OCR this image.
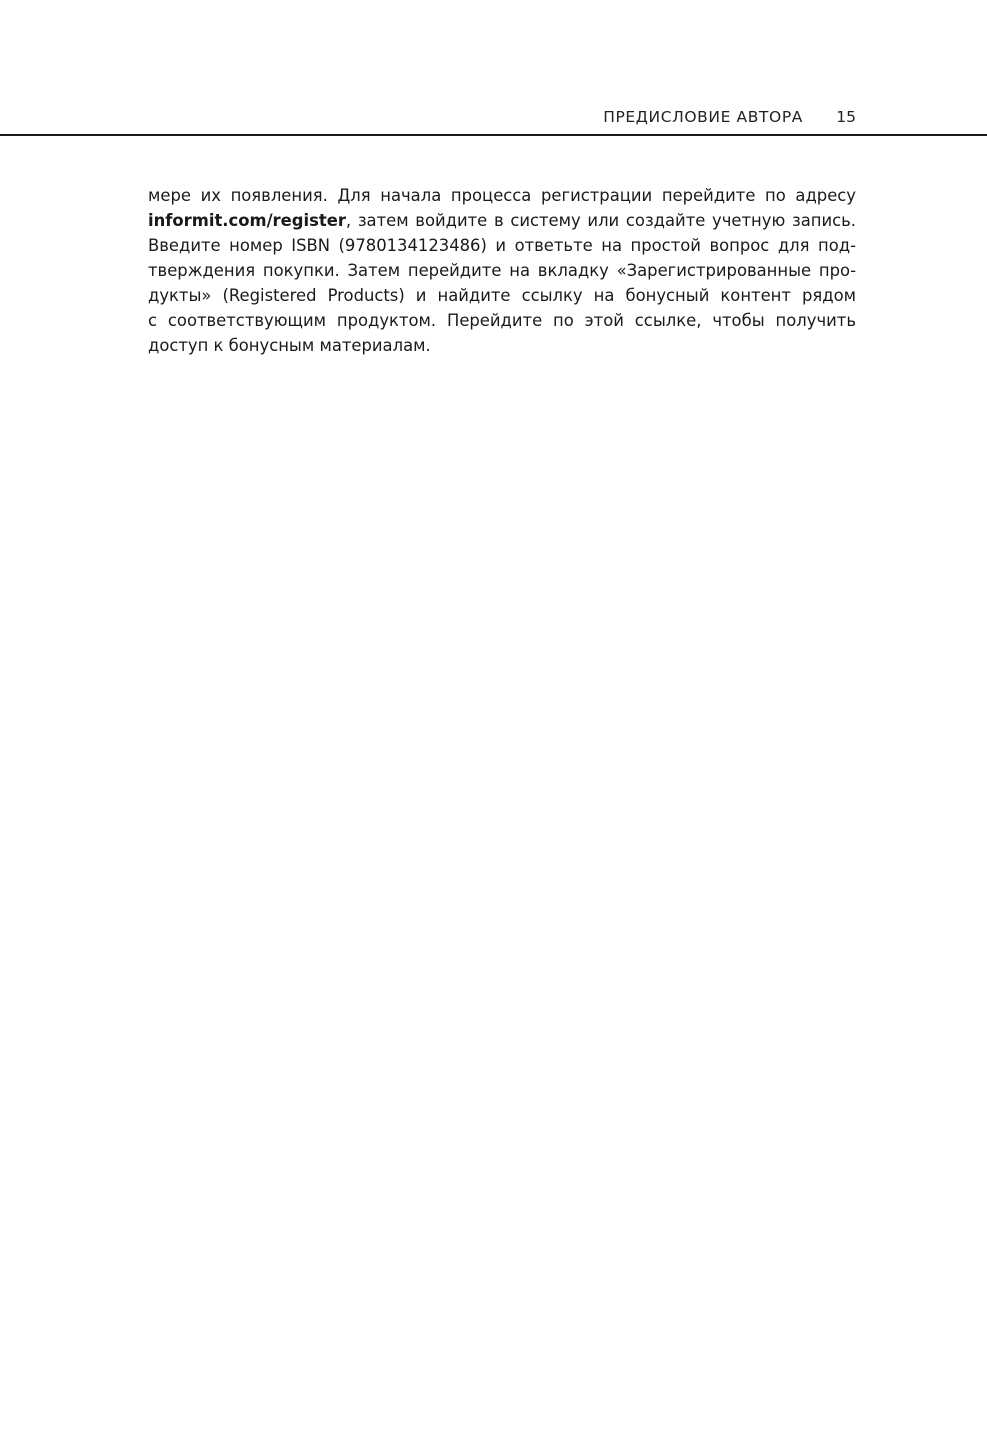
ПРЕДИСЛОВИЕ АВТОРА 15
мере их появления. Для начала процесса регистрации перейдите по адресу
informit.com/register, затем войдите в систему или создайте учетную запись.
Введите номер ISBN (9780134123486) и ответьте на простой вопрос для под-
тверждения покупки. Затем перейдите на вкладку «Зарегистрированные про-
дукты» (Registered Products) и найдите ссылку на бонусный контент рядом
с соответствующим продуктом. Перейдите по этой ссылке, чтобы получить
доступ к бонусным материалам.
